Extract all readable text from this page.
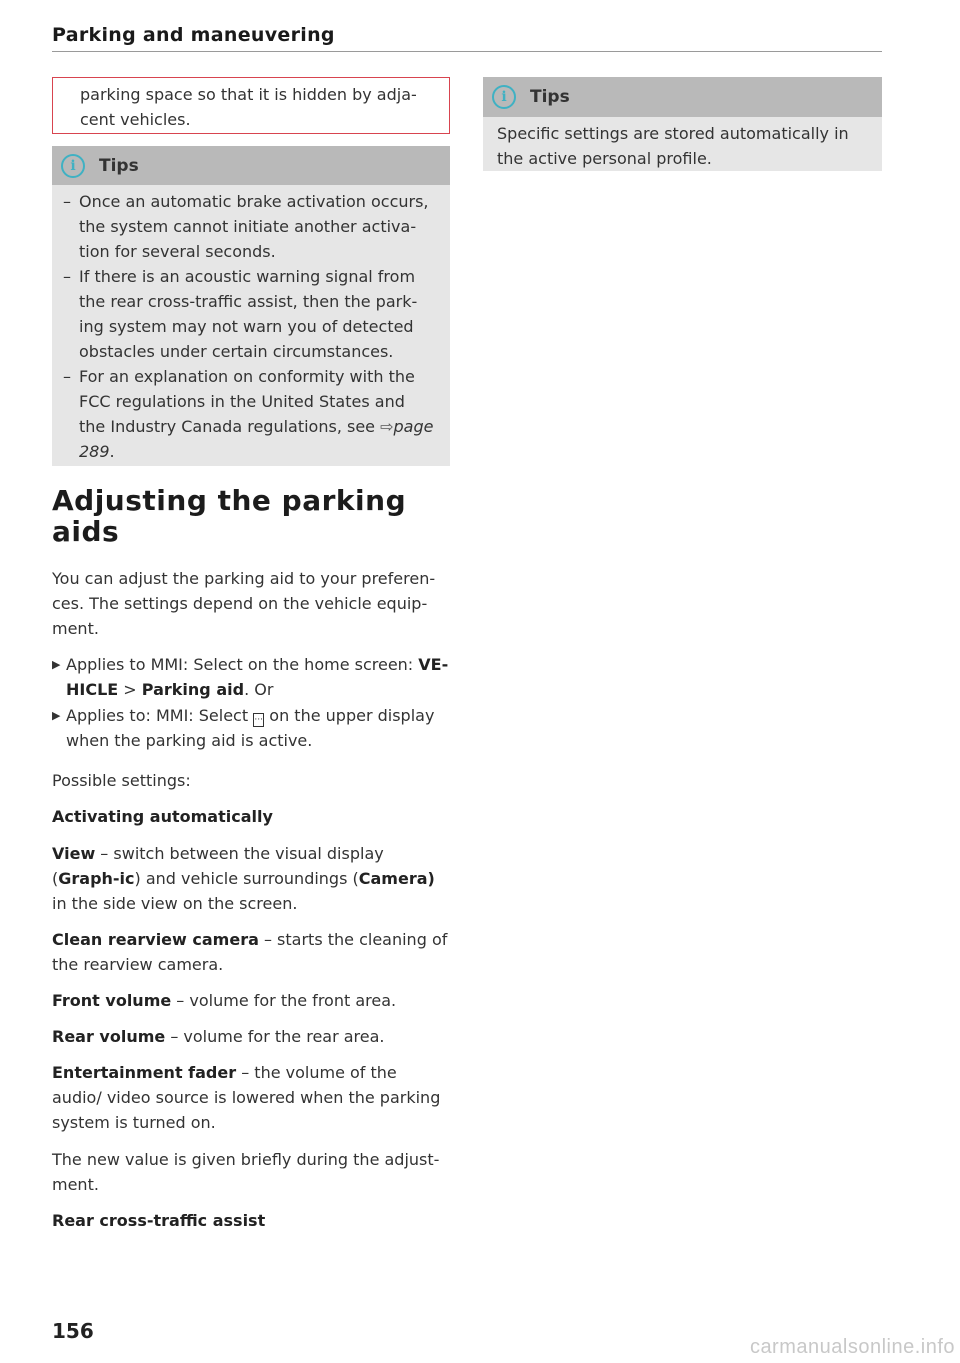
Parking and maneuvering
parking space so that it is hidden by adja-
cent vehicles.
i	Tips
– Once an automatic brake activation occurs, the system cannot initiate another activa-tion for several seconds.
– If there is an acoustic warning signal from the rear cross-traffic assist, then the park-ing system may not warn you of detected obstacles under certain circumstances.
– For an explanation on conformity with the FCC regulations in the United States and the Industry Canada regulations, see ⇨page 289.
i	Tips
Specific settings are stored automatically in the active personal profile.
Adjusting the parking aids
You can adjust the parking aid to your preferen-ces. The settings depend on the vehicle equip-ment.
▶ Applies to MMI: Select on the home screen: VE-HICLE > Parking aid. Or
▶ Applies to: MMI: Select ··· on the upper display when the parking aid is active.
Possible settings:
Activating automatically
View – switch between the visual display (Graph-ic) and vehicle surroundings (Camera) in the side view on the screen.
Clean rearview camera – starts the cleaning of the rearview camera.
Front volume – volume for the front area.
Rear volume – volume for the rear area.
Entertainment fader – the volume of the audio/ video source is lowered when the parking system is turned on.
The new value is given briefly during the adjust-ment.
Rear cross-traffic assist
156
carmanualsonline.info
